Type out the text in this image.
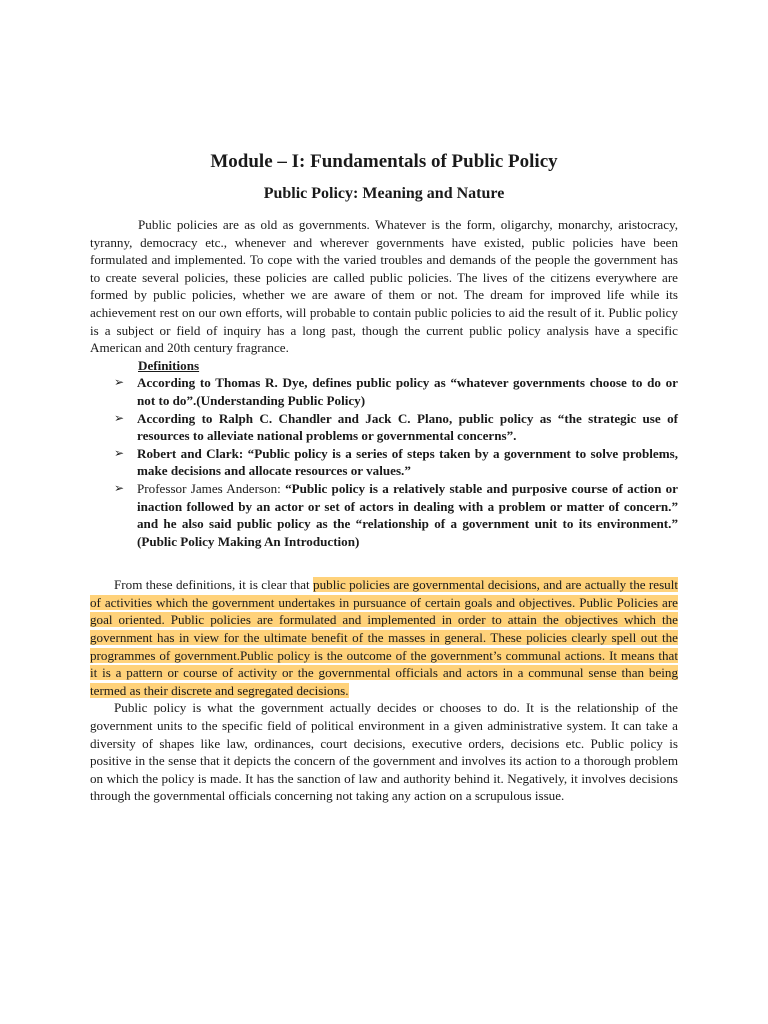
Module – I: Fundamentals of Public Policy
Public Policy: Meaning and Nature

Public policies are as old as governments. Whatever is the form, oligarchy, monarchy, aristocracy, tyranny, democracy etc., whenever and wherever governments have existed, public policies have been formulated and implemented. To cope with the varied troubles and demands of the people the government has to create several policies, these policies are called public policies. The lives of the citizens everywhere are formed by public policies, whether we are aware of them or not. The dream for improved life while its achievement rest on our own efforts, will probable to contain public policies to aid the result of it. Public policy is a subject or field of inquiry has a long past, though the current public policy analysis have a specific American and 20th century fragrance.

Definitions
➢ According to Thomas R. Dye, defines public policy as “whatever governments choose to do or not to do”.(Understanding Public Policy)
➢ According to Ralph C. Chandler and Jack C. Plano, public policy as “the strategic use of resources to alleviate national problems or governmental concerns”.
➢ Robert and Clark: “Public policy is a series of steps taken by a government to solve problems, make decisions and allocate resources or values.”
➢ Professor James Anderson: “Public policy is a relatively stable and purposive course of action or inaction followed by an actor or set of actors in dealing with a problem or matter of concern.” and he also said public policy as the “relationship of a government unit to its environment.” (Public Policy Making An Introduction)

From these definitions, it is clear that public policies are governmental decisions, and are actually the result of activities which the government undertakes in pursuance of certain goals and objectives. Public Policies are goal oriented. Public policies are formulated and implemented in order to attain the objectives which the government has in view for the ultimate benefit of the masses in general. These policies clearly spell out the programmes of government.Public policy is the outcome of the government’s communal actions. It means that it is a pattern or course of activity or the governmental officials and actors in a communal sense than being termed as their discrete and segregated decisions.

Public policy is what the government actually decides or chooses to do. It is the relationship of the government units to the specific field of political environment in a given administrative system. It can take a diversity of shapes like law, ordinances, court decisions, executive orders, decisions etc. Public policy is positive in the sense that it depicts the concern of the government and involves its action to a thorough problem on which the policy is made. It has the sanction of law and authority behind it. Negatively, it involves decisions through the governmental officials concerning not taking any action on a scrupulous issue.
